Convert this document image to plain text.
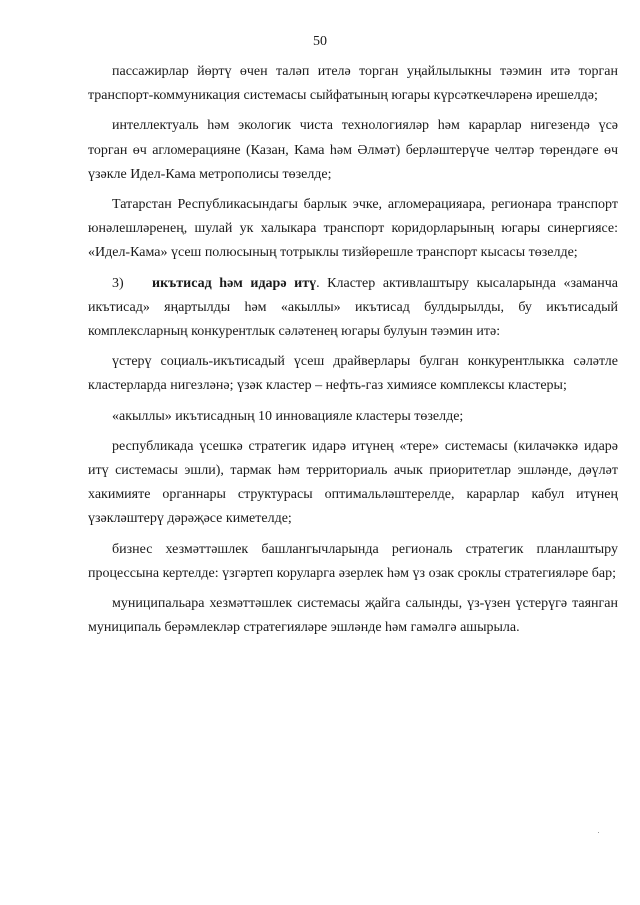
50

пассажирлар йөртү өчен таләп ителә торган уңайлылыкны тәэмин итә торган транспорт-коммуникация системасы сыйфатының югары күрсәткечләренә ирешелдә;

интеллектуаль һәм экологик чиста технологияләр һәм карарлар нигезендә үсә торган өч агломерацияне (Казан, Кама һәм Әлмәт) берләштерүче челтәр төрендәге өч үзәкле Идел-Кама метрополисы төзелде;

Татарстан Республикасындагы барлык эчке, агломерацияара, регионара транспорт юнәлешләренең, шулай ук халыкара транспорт коридорларының югары синергиясе: «Идел-Кама» үсеш полюсының тотрыклы тизйөрешле транспорт кысасы төзелде;

3) икътисад һәм идарә итү. Кластер активлаштыру кысаларында «заманча икътисад» яңартылды һәм «акыллы» икътисад булдырылды, бу икътисадый комплексларның конкурентлык сәләтенең югары булуын тәэмин итә:

үстерү социаль-икътисадый үсеш драйверлары булган конкурентлыкка сәләтле кластерларда нигезләнә; үзәк кластер – нефть-газ химиясе комплексы кластеры;

«акыллы» икътисадның 10 инновацияле кластеры төзелде;

республикада үсешкә стратегик идарә итүнең «тере» системасы (килачәккә идарә итү системасы эшли), тармак һәм территориаль ачык приоритетлар эшләнде, дәүләт хакимияте органнары структурасы оптимальләштерелде, карарлар кабул итүнең үзәкләштерү дәрәҗәсе киметелде;

бизнес хезмәттәшлек башлангычларында региональ стратегик планлаштыру процессына кертелде: үзгәртеп коруларга әзерлек һәм үз озак сроклы стратегияләре бар;

муниципальара хезмәттәшлек системасы җайга салынды, үз-үзен үстерүгә таянган муниципаль берәмлекләр стратегияләре эшләнде һәм гамәлгә ашырыла.
